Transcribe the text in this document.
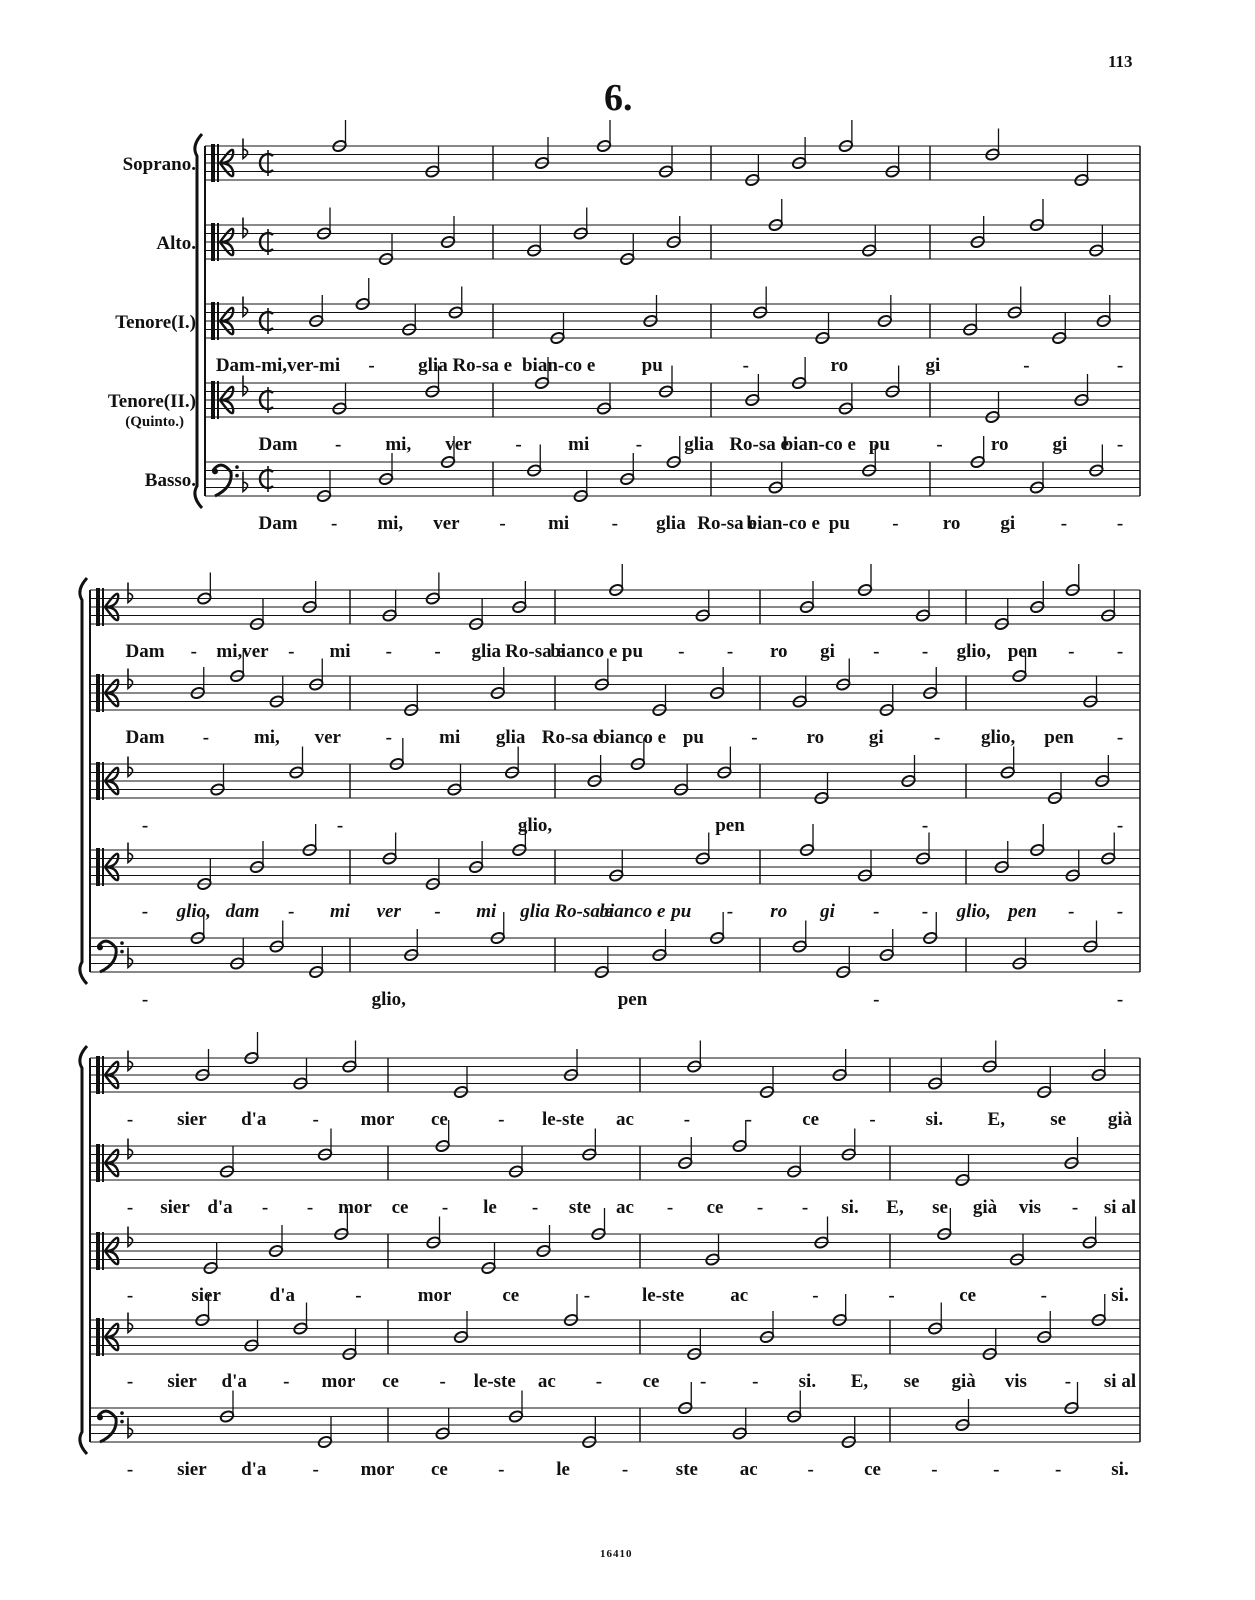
113
6.
Dam-mi,ver-mi - glia Ro-sa e bian-co e pu	-	ro	gi	-	-
Dam - mi, ver - mi - glia Ro-sa e
bian-co e pu -	ro gi	-
Dam - mi, ver - mi - glia Ro-sa e
bian-co e pu - ro gi -	-
Dam - mi,ver - mi - - glia Ro-sa e
bianco e pu - - ro gi - - glio, pen - -
Dam - mi, ver - mi glia Ro-sa e
bianco e pu -	ro gi	- glio, pen -
-	-	glio,	pen	-	-
- glio, dam - mi ver - mi glia Ro-sa e
bianco e pu - ro gi - - glio, pen - -
-	glio,	pen	-	-
- sier d'a - mor ce	- le-ste ac	-	-	ce	-	si. E, se già
- sier d'a - - mor ce - le - ste ac - ce - - si. E, se già vis - si al
-	sier	d'a	-	mor	ce	-	le-ste ac	-	-	ce	-	si.
- sier d'a - mor ce - le-ste ac - ce - - si. E, se già vis - si al
- sier d'a - mor ce	-	le	-	ste ac	-	ce	-	-	-	si.
Soprano.
Alto.
Tenore(I.)
Tenore(II.)
(Quinto.)
Basso.
16410
